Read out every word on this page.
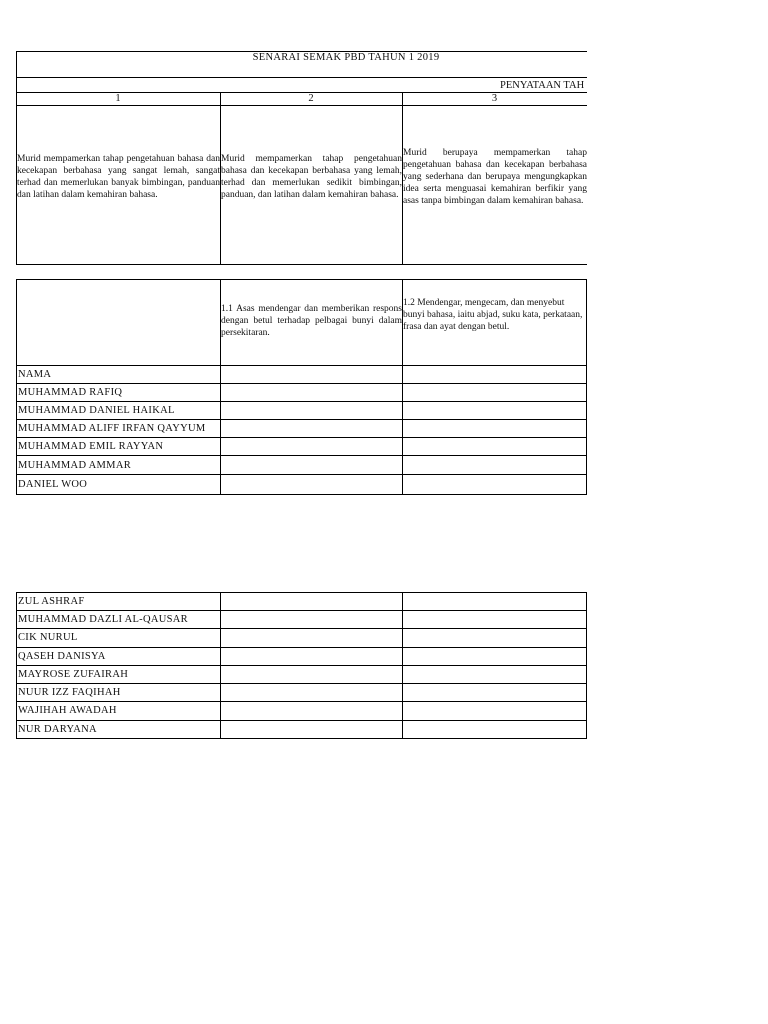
SENARAI SEMAK PBD TAHUN 1 2019
PENYATAAN TAH
1	2	3
Murid mempamerkan tahap pengetahuan bahasa dan kecekapan berbahasa yang sangat lemah, sangat terhad dan memerlukan banyak bimbingan, panduan dan latihan dalam kemahiran bahasa.
Murid mempamerkan tahap pengetahuan bahasa dan kecekapan berbahasa yang lemah, terhad dan memerlukan sedikit bimbingan, panduan, dan latihan dalam kemahiran bahasa.
Murid berupaya mempamerkan tahap pengetahuan bahasa dan kecekapan berbahasa yang sederhana dan berupaya mengungkapkan idea serta menguasai kemahiran berfikir yang asas tanpa bimbingan dalam kemahiran bahasa.
1.1 Asas mendengar dan memberikan respons dengan betul terhadap pelbagai bunyi dalam persekitaran.
1.2 Mendengar, mengecam, dan menyebut bunyi bahasa, iaitu abjad, suku kata, perkataan, frasa dan ayat dengan betul.
NAMA
MUHAMMAD RAFIQ
MUHAMMAD DANIEL HAIKAL
MUHAMMAD ALIFF IRFAN QAYYUM
MUHAMMAD EMIL RAYYAN
MUHAMMAD AMMAR
DANIEL WOO
ZUL ASHRAF
MUHAMMAD DAZLI AL-QAUSAR
CIK NURUL
QASEH DANISYA
MAYROSE ZUFAIRAH
NUUR IZZ FAQIHAH
WAJIHAH AWADAH
NUR DARYANA
